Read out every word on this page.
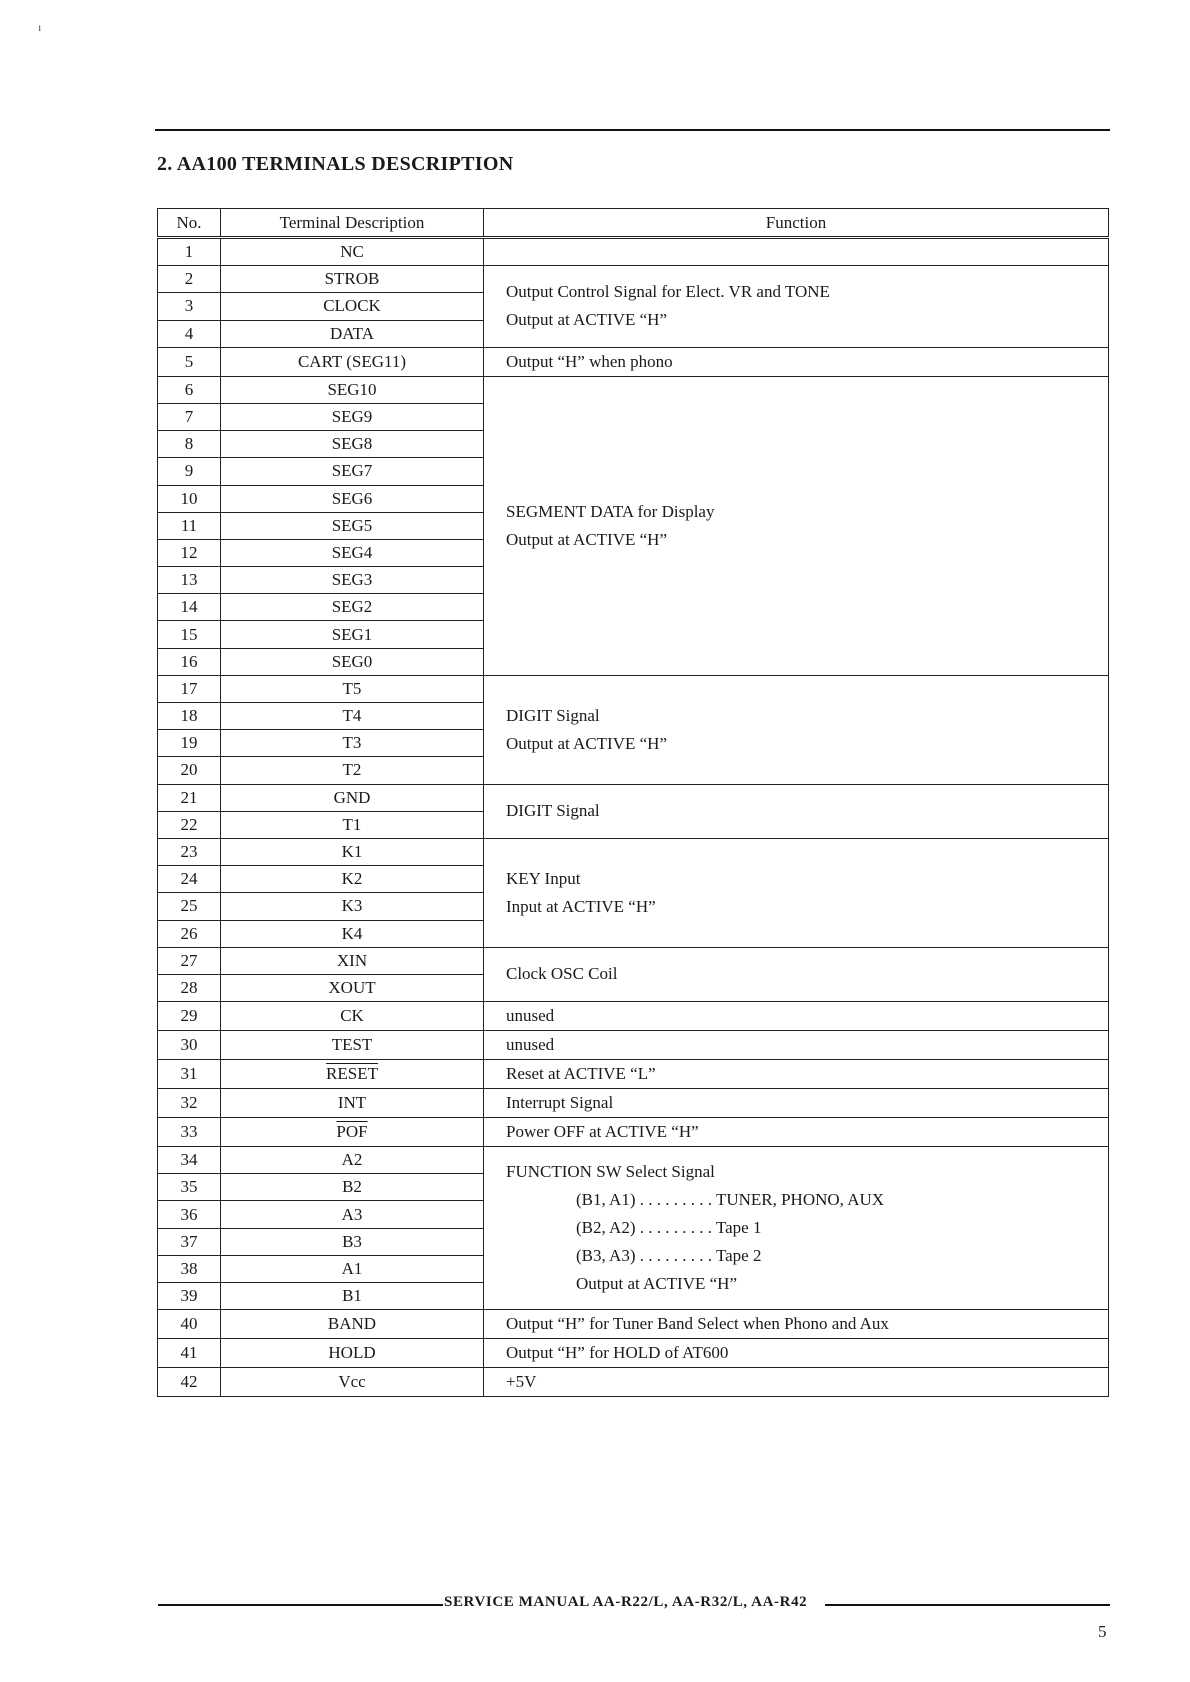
ı
2. AA100 TERMINALS DESCRIPTION
No.	Terminal Description	Function
1	NC	

2	STROB	Output Control Signal for Elect. VR and TONE
Output at ACTIVE “H”

3	CLOCK	
4	DATA	
5	CART (SEG11)	Output “H” when phono

6	SEG10	SEGMENT DATA for Display
Output at ACTIVE “H”

7	SEG9	
8	SEG8	
9	SEG7	
10	SEG6	
11	SEG5	
12	SEG4	
13	SEG3	
14	SEG2	
15	SEG1	
16	SEG0	
17	T5	DIGIT Signal
Output at ACTIVE “H”

18	T4	
19	T3	
20	T2	
21	GND	DIGIT Signal

22	T1	
23	K1	KEY Input
Input at ACTIVE “H”

24	K2	
25	K3	
26	K4	
27	XIN	Clock OSC Coil

28	XOUT	
29	CK	unused

30	TEST	unused

31	RESET	Reset at ACTIVE “L”

32	INT	Interrupt Signal

33	$\overline{POF}$	Power OFF at ACTIVE “H”

34	A2	FUNCTION SW Select Signal
(B1, A1) . . . . . . . . . TUNER, PHONO, AUX
(B2, A2) . . . . . . . . . Tape 1
(B3, A3) . . . . . . . . . Tape 2
Output at ACTIVE “H”

35	B2	
36	A3	
37	B3	
38	A1	
39	B1	
40	BAND	Output “H” for Tuner Band Select when Phono and Aux

41	HOLD	Output “H” for HOLD of AT600

42	Vcc	+5V
SERVICE MANUAL AA-R22/L, AA-R32/L, AA-R42
5
